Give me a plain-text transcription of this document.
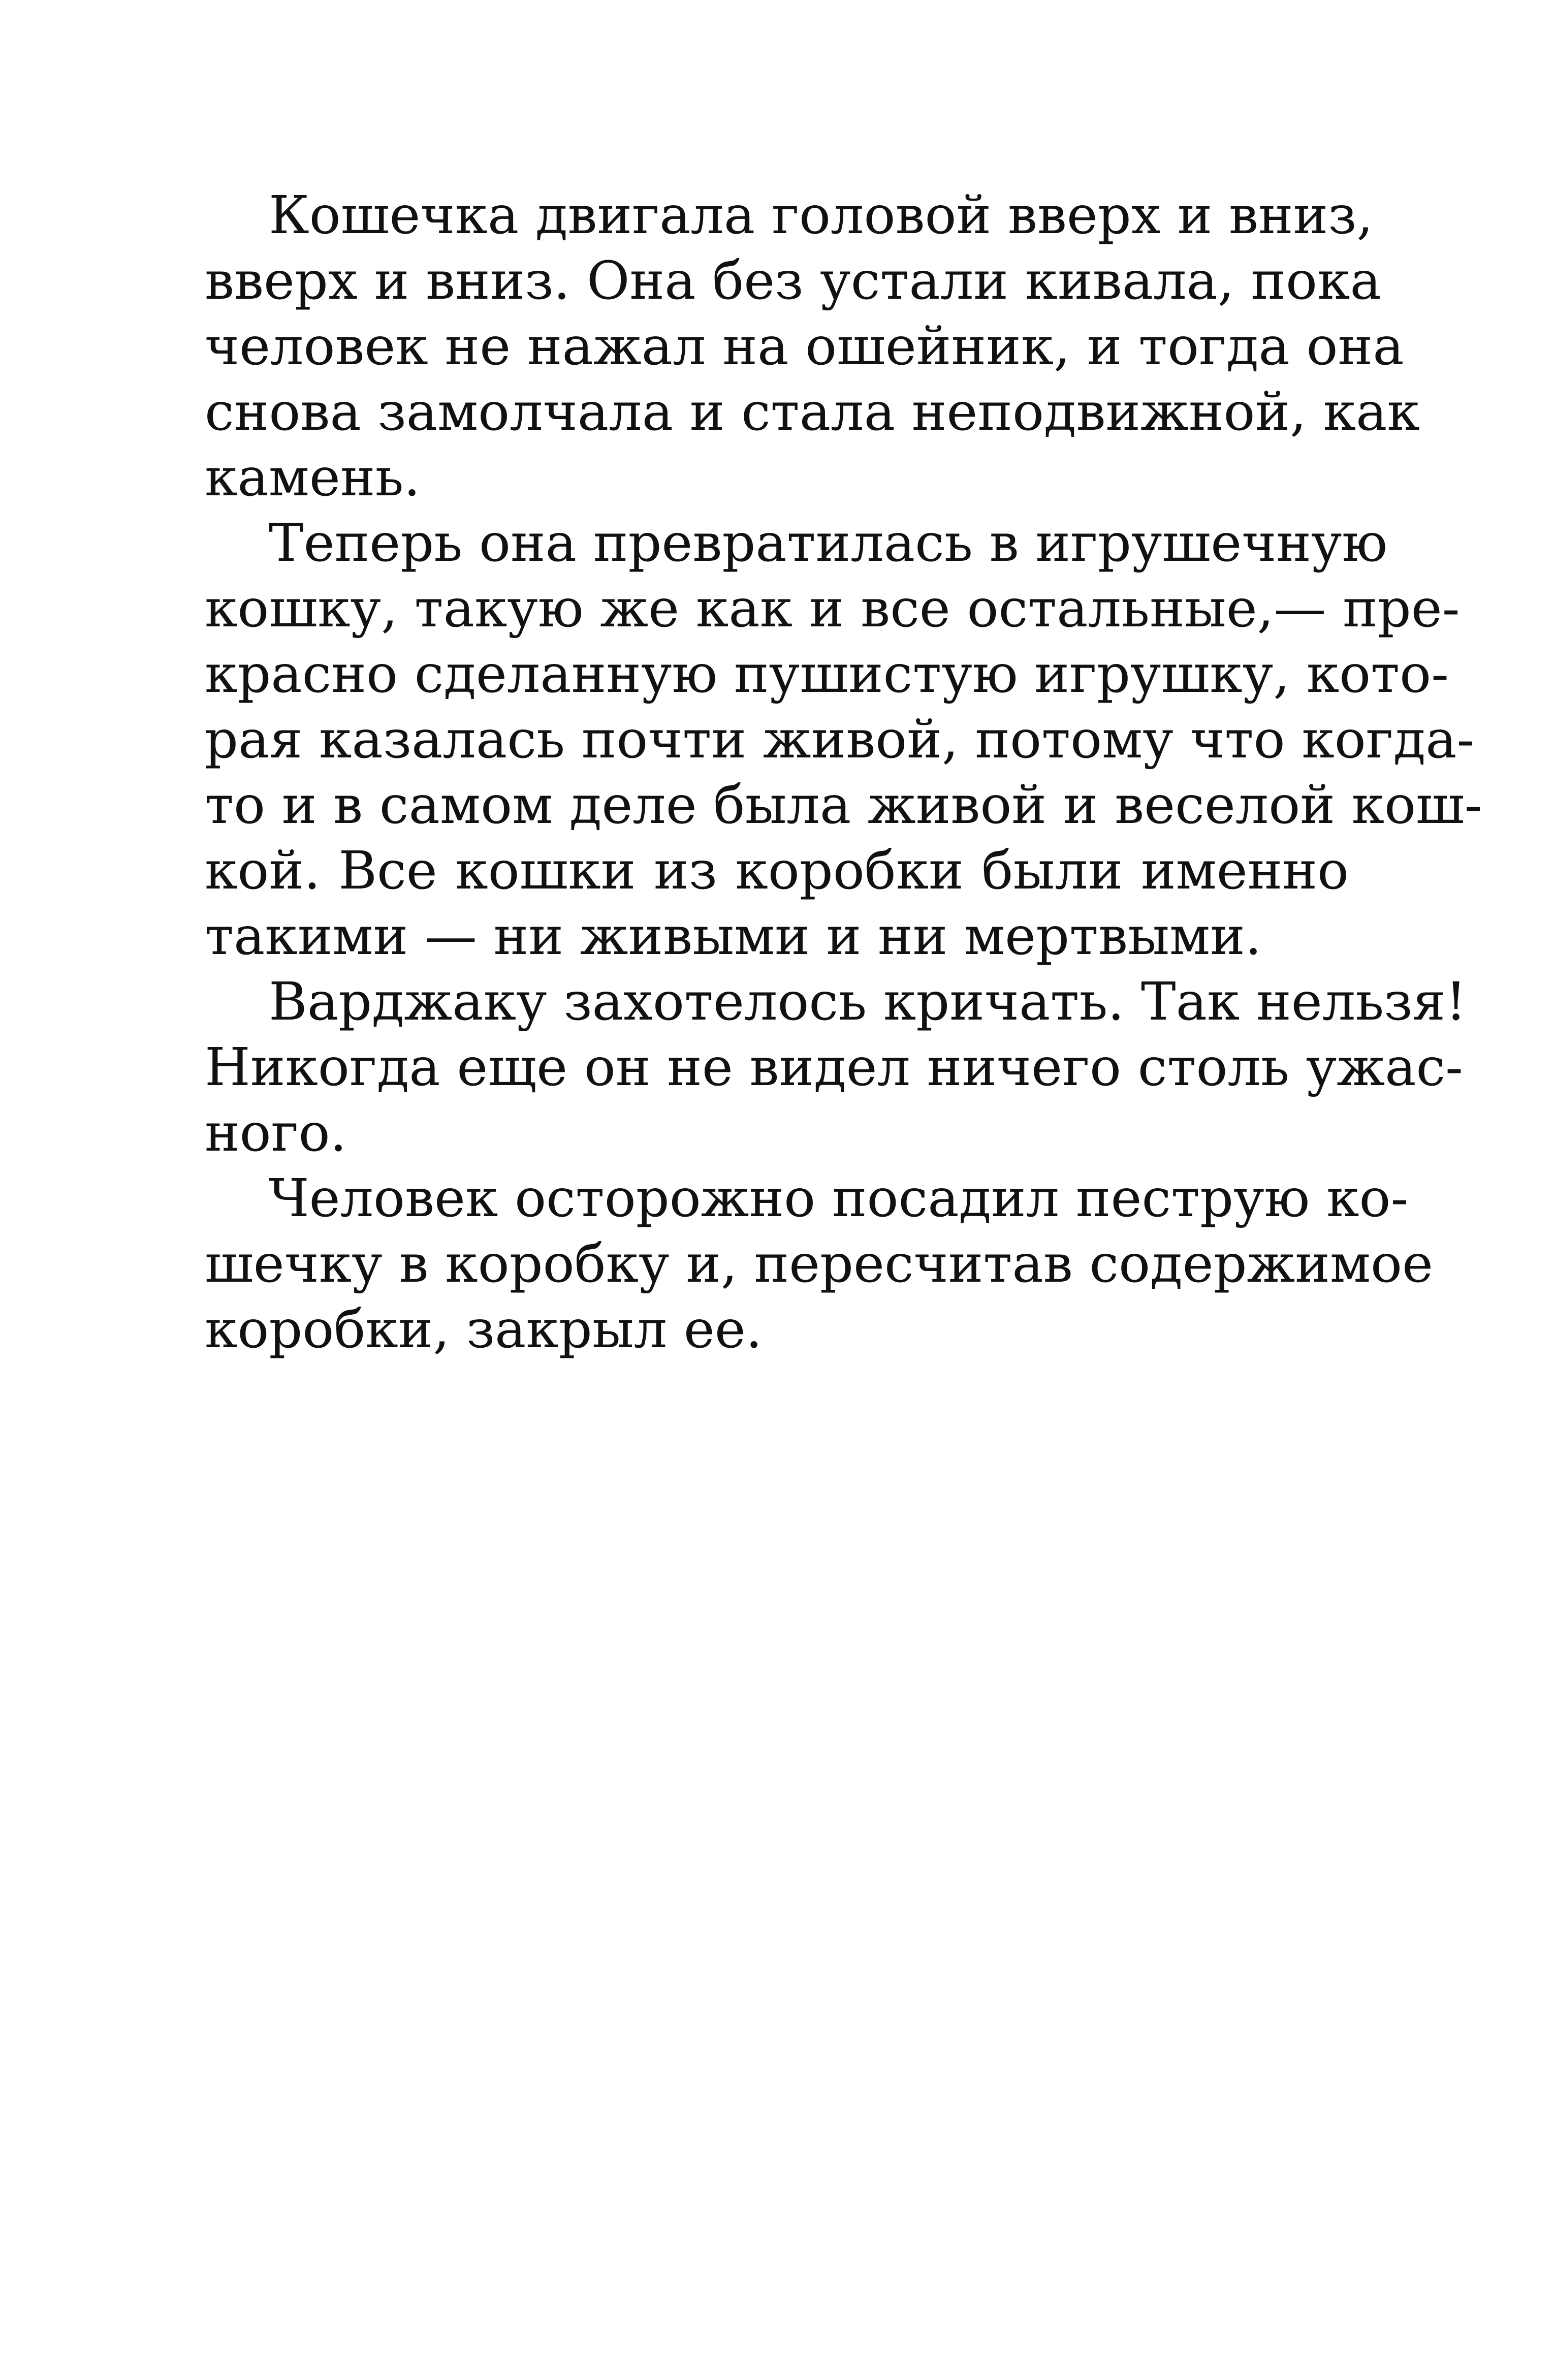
Кошечка двигала головой вверх и вниз,
вверх и вниз. Она без устали кивала, пока
человек не нажал на ошейник, и тогда она
снова замолчала и стала неподвижной, как
камень.
Теперь она превратилась в игрушечную
кошку, такую же как и все остальные,— пре-
красно сделанную пушистую игрушку, кото-
рая казалась почти живой, потому что когда-
то и в самом деле была живой и веселой кош-
кой. Все кошки из коробки были именно
такими — ни живыми и ни мертвыми.
Варджаку захотелось кричать. Так нельзя!
Никогда еще он не видел ничего столь ужас-
ного.
Человек осторожно посадил пеструю ко-
шечку в коробку и, пересчитав содержимое
коробки, закрыл ее.
